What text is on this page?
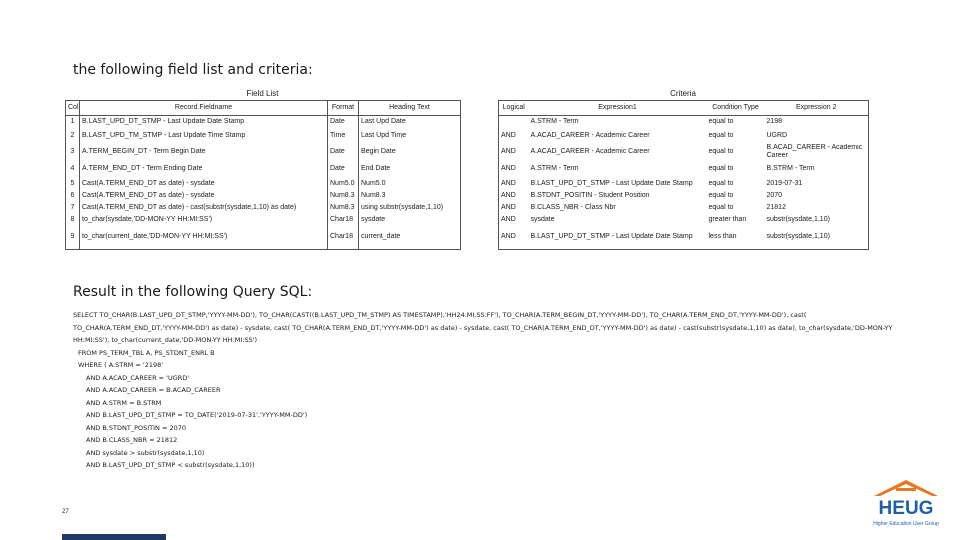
the following field list and criteria:
Field List
Col	Record.Fieldname	Format	Heading Text
1	B.LAST_UPD_DT_STMP - Last Update Date Stamp	Date	Last Upd Date
2	B.LAST_UPD_TM_STMP - Last Update Time Stamp	Time	Last Upd Time
3	A.TERM_BEGIN_DT - Term Begin Date	Date	Begin Date
4	A.TERM_END_DT - Term Ending Date	Date	End Date
5	Cast(A.TERM_END_DT as date) - sysdate	Num5.0	Num5.0
6	Cast(A.TERM_END_DT as date) - sysdate	Num8.3	Num8.3
7	Cast(A.TERM_END_DT as date) - cast(substr(sysdate,1,10) as date)	Num8.3	using substr(sysdate,1,10)
8	to_char(sysdate,'DD-MON-YY HH:MI:SS')	Char18	sysdate
9	to_char(current_date,'DD-MON-YY HH:MI:SS')	Char18	current_date
Criteria
Logical	Expression1	Condition Type	Expression 2
	A.STRM - Term	equal to	2198
AND	A.ACAD_CAREER - Academic Career	equal to	UGRD
AND	A.ACAD_CAREER - Academic Career	equal to	B.ACAD_CAREER - Academic Career
AND	A.STRM - Term	equal to	B.STRM - Term
AND	B.LAST_UPD_DT_STMP - Last Update Date Stamp	equal to	2019-07-31
AND	B.STDNT_POSITIN - Student Position	equal to	2070
AND	B.CLASS_NBR - Class Nbr	equal to	21812
AND	sysdate	greater than	substr(sysdate,1,10)
AND	B.LAST_UPD_DT_STMP - Last Update Date Stamp	less than	substr(sysdate,1,10)
Result in the following Query SQL:
SELECT TO_CHAR(B.LAST_UPD_DT_STMP,'YYYY-MM-DD'), TO_CHAR(CAST((B.LAST_UPD_TM_STMP) AS TIMESTAMP),'HH24.MI.SS.FF'), TO_CHAR(A.TERM_BEGIN_DT,'YYYY-MM-DD'), TO_CHAR(A.TERM_END_DT,'YYYY-MM-DD'), cast(
TO_CHAR(A.TERM_END_DT,'YYYY-MM-DD') as date) - sysdate, cast( TO_CHAR(A.TERM_END_DT,'YYYY-MM-DD') as date) - sysdate, cast( TO_CHAR(A.TERM_END_DT,'YYYY-MM-DD') as date) - cast(substr(sysdate,1,10) as date), to_char(sysdate,'DD-MON-YY
HH:MI:SS'), to_char(current_date,'DD-MON-YY HH:MI:SS')
FROM PS_TERM_TBL A, PS_STDNT_ENRL B
WHERE ( A.STRM = '2198'
AND A.ACAD_CAREER = 'UGRD'
AND A.ACAD_CAREER = B.ACAD_CAREER
AND A.STRM = B.STRM
AND B.LAST_UPD_DT_STMP = TO_DATE('2019-07-31','YYYY-MM-DD')
AND B.STDNT_POSITIN = 2070
AND B.CLASS_NBR = 21812
AND sysdate > substr(sysdate,1,10)
AND B.LAST_UPD_DT_STMP < substr(sysdate,1,10))
27	HEUG
Higher Education User Group
